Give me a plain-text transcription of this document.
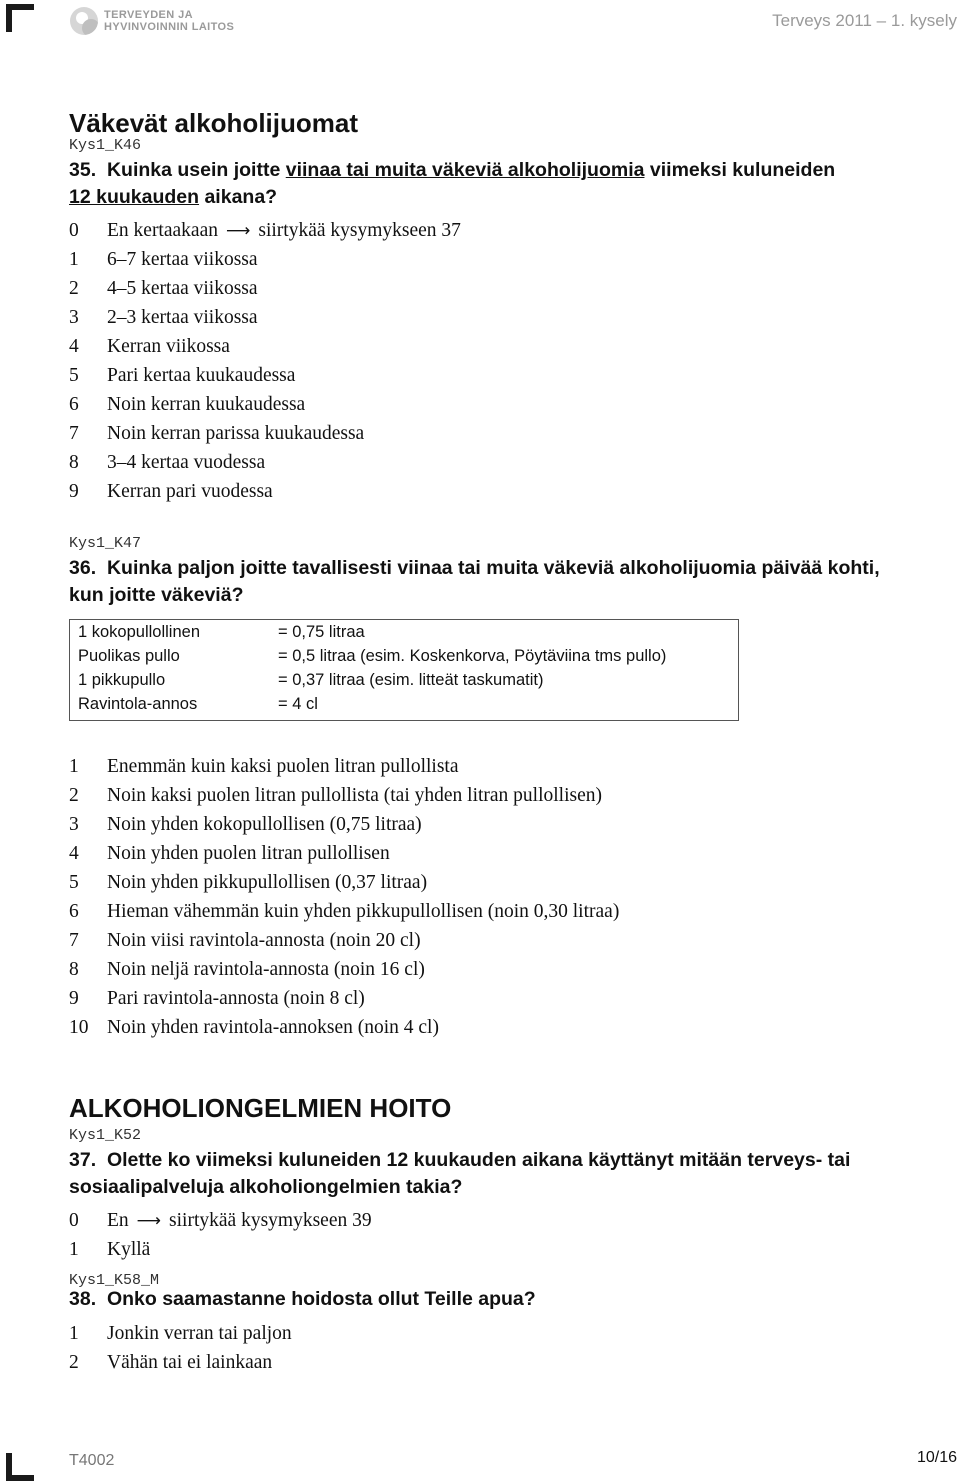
TERVEYDEN JA
HYVINVOINNIN LAITOS	Terveys 2011 – 1. kysely
Väkevät alkoholijuomat
Kys1_K46
35. Kuinka usein joitte viinaa tai muita väkeviä alkoholijuomia viimeksi kuluneiden
12 kuukauden aikana?
0 En kertaakaan ⟶ siirtykää kysymykseen 37
1 6–7 kertaa viikossa
2 4–5 kertaa viikossa
3 2–3 kertaa viikossa
4 Kerran viikossa
5 Pari kertaa kuukaudessa
6 Noin kerran kuukaudessa
7 Noin kerran parissa kuukaudessa
8 3–4 kertaa vuodessa
9 Kerran pari vuodessa
Kys1_K47
36. Kuinka paljon joitte tavallisesti viinaa tai muita väkeviä alkoholijuomia päivää kohti,
kun joitte väkeviä?
1 kokopullollinen	= 0,75 litraa
Puolikas pullo	= 0,5 litraa (esim. Koskenkorva, Pöytäviina tms pullo)
1 pikkupullo	= 0,37 litraa (esim. litteät taskumatit)
Ravintola-annos	= 4 cl
1 Enemmän kuin kaksi puolen litran pullollista
2 Noin kaksi puolen litran pullollista (tai yhden litran pullollisen)
3 Noin yhden kokopullollisen (0,75 litraa)
4 Noin yhden puolen litran pullollisen
5 Noin yhden pikkupullollisen (0,37 litraa)
6 Hieman vähemmän kuin yhden pikkupullollisen (noin 0,30 litraa)
7 Noin viisi ravintola-annosta (noin 20 cl)
8 Noin neljä ravintola-annosta (noin 16 cl)
9 Pari ravintola-annosta (noin 8 cl)
10 Noin yhden ravintola-annoksen (noin 4 cl)
ALKOHOLIONGELMIEN HOITO
Kys1_K52
37. Olette ko viimeksi kuluneiden 12 kuukauden aikana käyttänyt mitään terveys- tai
sosiaalipalveluja alkoholiongelmien takia?
0 En ⟶ siirtykää kysymykseen 39
1 Kyllä
Kys1_K58_M
38. Onko saamastanne hoidosta ollut Teille apua?
1 Jonkin verran tai paljon
2 Vähän tai ei lainkaan
T4002	10/16
